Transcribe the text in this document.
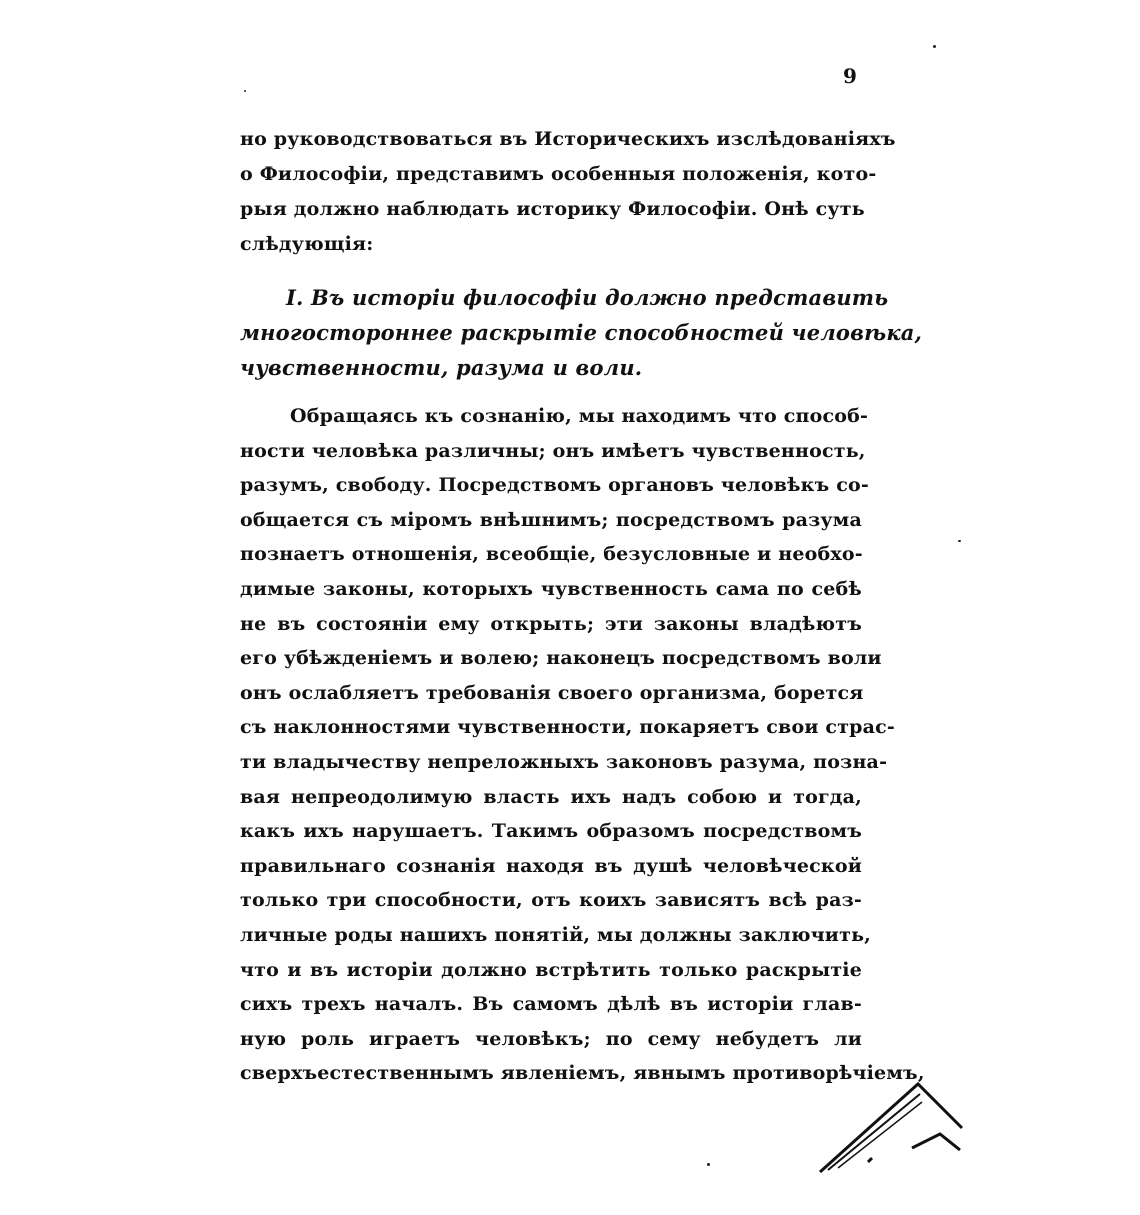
9
но руководствоваться въ Историческихъ изслѣдованіяхъ
о Философіи, представимъ особенныя положенія, кото-
рыя должно наблюдать историку Философіи. Онѣ суть
слѣдующія:
I. Въ исторіи философіи должно представить
многостороннее раскрытіе способностей человѣка,
чувственности, разума и воли.
Обращаясь къ сознанію, мы находимъ что способ-
ности человѣка различны; онъ имѣетъ чувственность,
разумъ, свободу. Посредствомъ органовъ человѣкъ со-
общается съ міромъ внѣшнимъ; посредствомъ разума
познаетъ отношенія, всеобщіе, безусловные и необхо-
димые законы, которыхъ чувственность сама по себѣ
не въ состояніи ему открыть; эти законы владѣютъ
его убѣжденіемъ и волею; наконецъ посредствомъ воли
онъ ослабляетъ требованія своего организма, борется
съ наклонностями чувственности, покаряетъ свои страс-
ти владычеству непреложныхъ законовъ разума, позна-
вая непреодолимую власть ихъ надъ собою и тогда,
какъ ихъ нарушаетъ. Такимъ образомъ посредствомъ
правильнаго сознанія находя въ душѣ человѣческой
только три способности, отъ коихъ зависятъ всѣ раз-
личные роды нашихъ понятій, мы должны заключить,
что и въ исторіи должно встрѣтить только раскрытіе
сихъ трехъ началъ. Въ самомъ дѣлѣ въ исторіи глав-
ную роль играетъ человѣкъ; по сему небудетъ ли
сверхъестественнымъ явленіемъ, явнымъ противорѣчіемъ,
